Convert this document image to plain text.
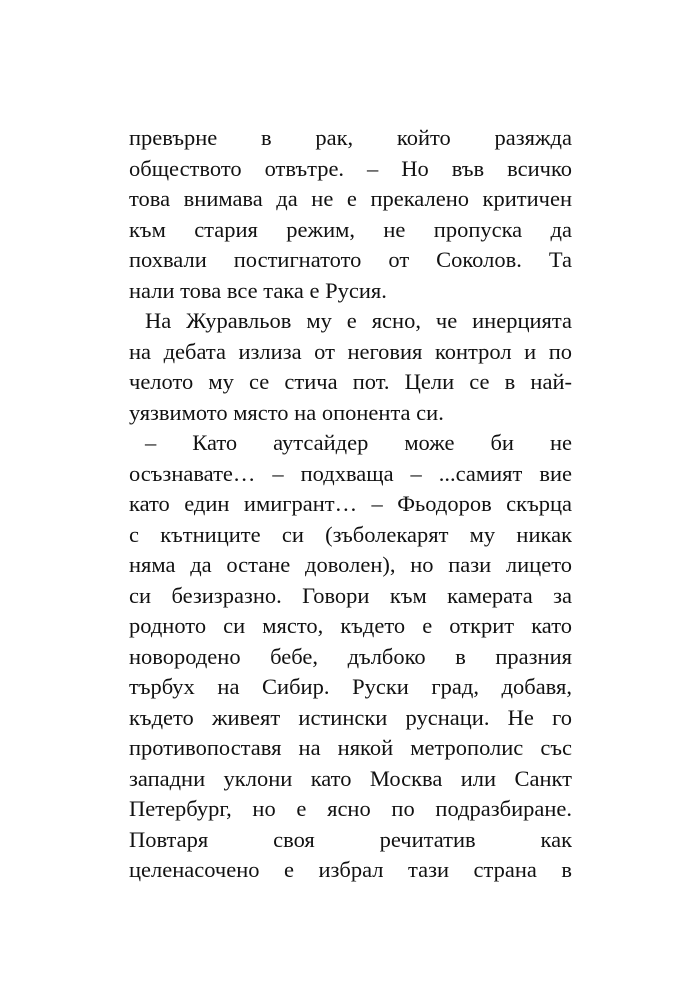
превърне в рак, който разяжда
обществото отвътре. – Но във всичко
това внимава да не е прекалено критичен
към стария режим, не пропуска да
похвали постигнатото от Соколов. Та
нали това все така е Русия.
На Журавльов му е ясно, че инерцията
на дебата излиза от неговия контрол и по
челото му се стича пот. Цели се в най-
уязвимото място на опонента си.
– Като аутсайдер може би не
осъзнавате… – подхваща – ...самият вие
като един имигрант… – Фьодоров скърца
с кътниците си (зъболекарят му никак
няма да остане доволен), но пази лицето
си безизразно. Говори към камерата за
родното си място, където е открит като
новородено бебе, дълбоко в празния
търбух на Сибир. Руски град, добавя,
където живеят истински руснаци. Не го
противопоставя на някой метрополис със
западни уклони като Москва или Санкт
Петербург, но е ясно по подразбиране.
Повтаря своя речитатив как
целенасочено е избрал тази страна в
